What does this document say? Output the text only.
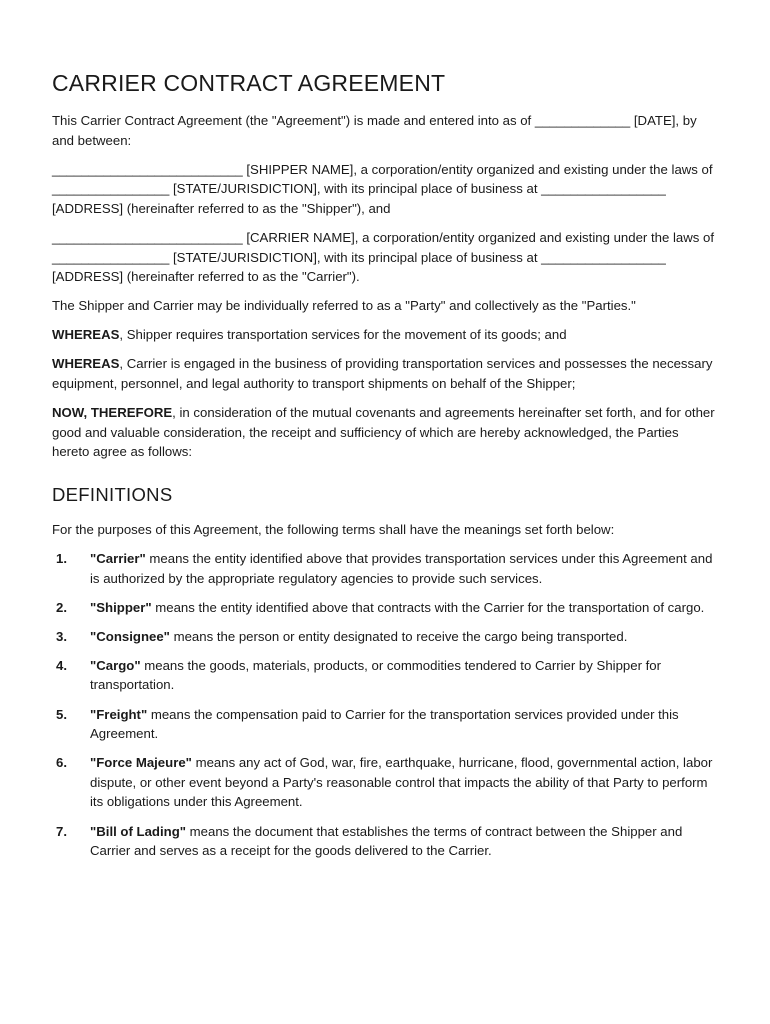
CARRIER CONTRACT AGREEMENT

This Carrier Contract Agreement (the "Agreement") is made and entered into as of _____________ [DATE], by and between:

__________________________ [SHIPPER NAME], a corporation/entity organized and existing under the laws of ________________ [STATE/JURISDICTION], with its principal place of business at _________________ [ADDRESS] (hereinafter referred to as the "Shipper"), and

__________________________ [CARRIER NAME], a corporation/entity organized and existing under the laws of ________________ [STATE/JURISDICTION], with its principal place of business at _________________ [ADDRESS] (hereinafter referred to as the "Carrier").

The Shipper and Carrier may be individually referred to as a "Party" and collectively as the "Parties."

WHEREAS, Shipper requires transportation services for the movement of its goods; and

WHEREAS, Carrier is engaged in the business of providing transportation services and possesses the necessary equipment, personnel, and legal authority to transport shipments on behalf of the Shipper;

NOW, THEREFORE, in consideration of the mutual covenants and agreements hereinafter set forth, and for other good and valuable consideration, the receipt and sufficiency of which are hereby acknowledged, the Parties hereto agree as follows:

DEFINITIONS

For the purposes of this Agreement, the following terms shall have the meanings set forth below:

1. "Carrier" means the entity identified above that provides transportation services under this Agreement and is authorized by the appropriate regulatory agencies to provide such services.
2. "Shipper" means the entity identified above that contracts with the Carrier for the transportation of cargo.
3. "Consignee" means the person or entity designated to receive the cargo being transported.
4. "Cargo" means the goods, materials, products, or commodities tendered to Carrier by Shipper for transportation.
5. "Freight" means the compensation paid to Carrier for the transportation services provided under this Agreement.
6. "Force Majeure" means any act of God, war, fire, earthquake, hurricane, flood, governmental action, labor dispute, or other event beyond a Party's reasonable control that impacts the ability of that Party to perform its obligations under this Agreement.
7. "Bill of Lading" means the document that establishes the terms of contract between the Shipper and Carrier and serves as a receipt for the goods delivered to the Carrier.
